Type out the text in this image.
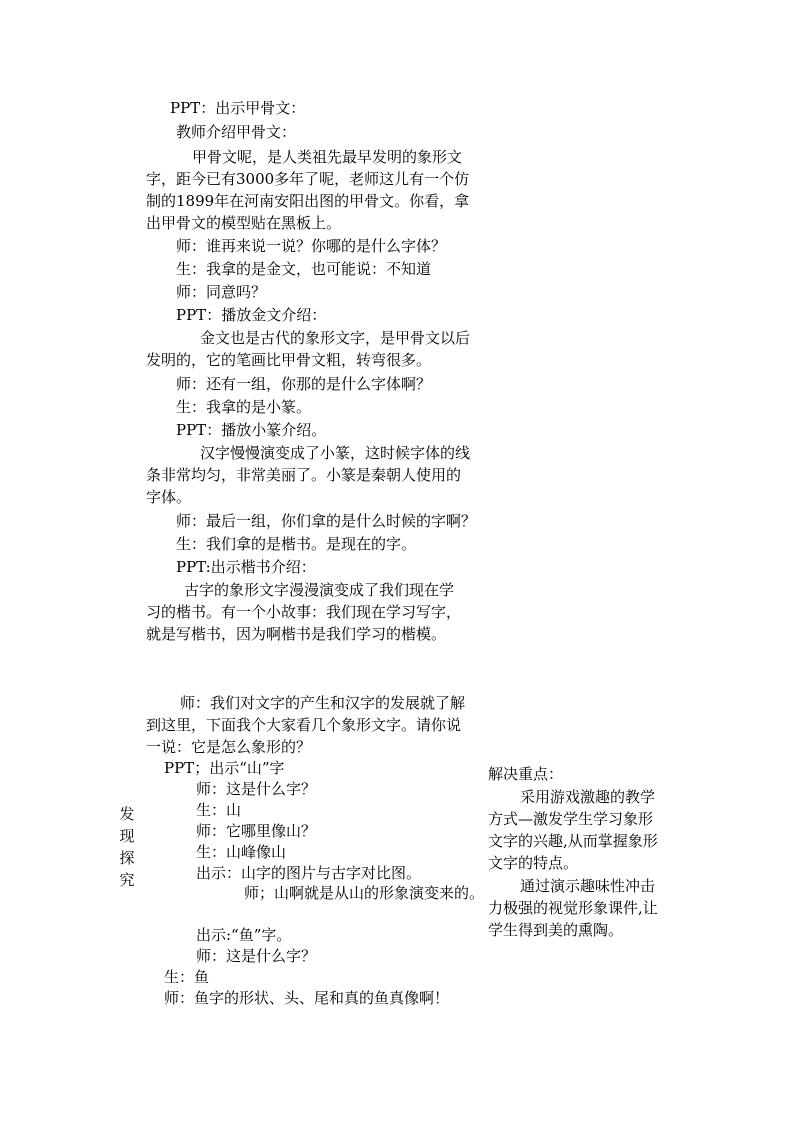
PPT：出示甲骨文：
教师介绍甲骨文：
甲骨文呢，是人类祖先最早发明的象形文
字，距今已有3000多年了呢，老师这儿有一个仿
制的1899年在河南安阳出图的甲骨文。你看，拿
出甲骨文的模型贴在黑板上。
师：谁再来说一说？你哪的是什么字体？
生：我拿的是金文，也可能说：不知道
师：同意吗？
PPT：播放金文介绍：
金文也是古代的象形文字，是甲骨文以后
发明的，它的笔画比甲骨文粗，转弯很多。
师：还有一组，你那的是什么字体啊？
生：我拿的是小篆。
PPT：播放小篆介绍。
汉字慢慢演变成了小篆，这时候字体的线
条非常均匀，非常美丽了。小篆是秦朝人使用的
字体。
师：最后一组，你们拿的是什么时候的字啊？
生：我们拿的是楷书。是现在的字。
PPT:出示楷书介绍：
古字的象形文字漫漫演变成了我们现在学
习的楷书。有一个小故事：我们现在学习写字，
就是写楷书，因为啊楷书是我们学习的楷模。
师：我们对文字的产生和汉字的发展就了解
到这里，下面我个大家看几个象形文字。请你说
一说：它是怎么象形的？
PPT；出示“山”字
师：这是什么字？
生：山
师：它哪里像山？
生：山峰像山
出示：山字的图片与古字对比图。
师；山啊就是从山的形象演变来的。
出示:“鱼”字。
师：这是什么字？
生：鱼
师：鱼字的形状、头、尾和真的鱼真像啊！
发现探究
解决重点：
采用游戏激趣的教学
方式—激发学生学习象形
文字的兴趣,从而掌握象形
文字的特点。
通过演示趣味性冲击
力极强的视觉形象课件,让
学生得到美的熏陶。
